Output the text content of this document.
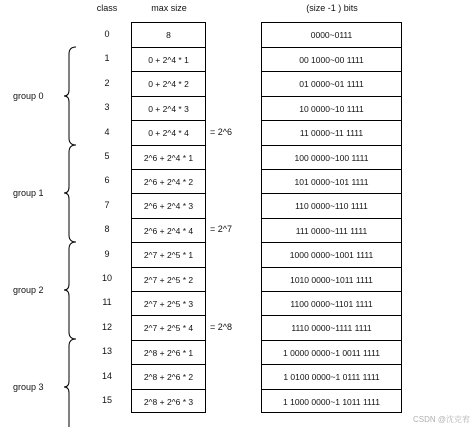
class	max size	(size -1 ) bits
0
1
2
3
4
5
6
7
8
9
10
11
12
13
14
15
8
0 + 2^4 * 1
0 + 2^4 * 2
0 + 2^4 * 3
0 + 2^4 * 4
2^6 + 2^4 * 1
2^6 + 2^4 * 2
2^6 + 2^4 * 3
2^6 + 2^4 * 4
2^7 + 2^5 * 1
2^7 + 2^5 * 2
2^7 + 2^5 * 3
2^7 + 2^5 * 4
2^8 + 2^6 * 1
2^8 + 2^6 * 2
2^8 + 2^6 * 3
0000~0111
00 1000~00 1111
01 0000~01 1111
10 0000~10 1111
11 0000~11 1111
100 0000~100 1111
101 0000~101 1111
110 0000~110 1111
111 0000~111 1111
1000 0000~1001 1111
1010 0000~1011 1111
1100 0000~1101 1111
1110 0000~1111 1111
1 0000 0000~1 0011 1111
1 0100 0000~1 0111 1111
1 1000 0000~1 1011 1111
group 0
group 1
group 2
group 3
= 2^6
= 2^7
= 2^8
CSDN @沈克宥
